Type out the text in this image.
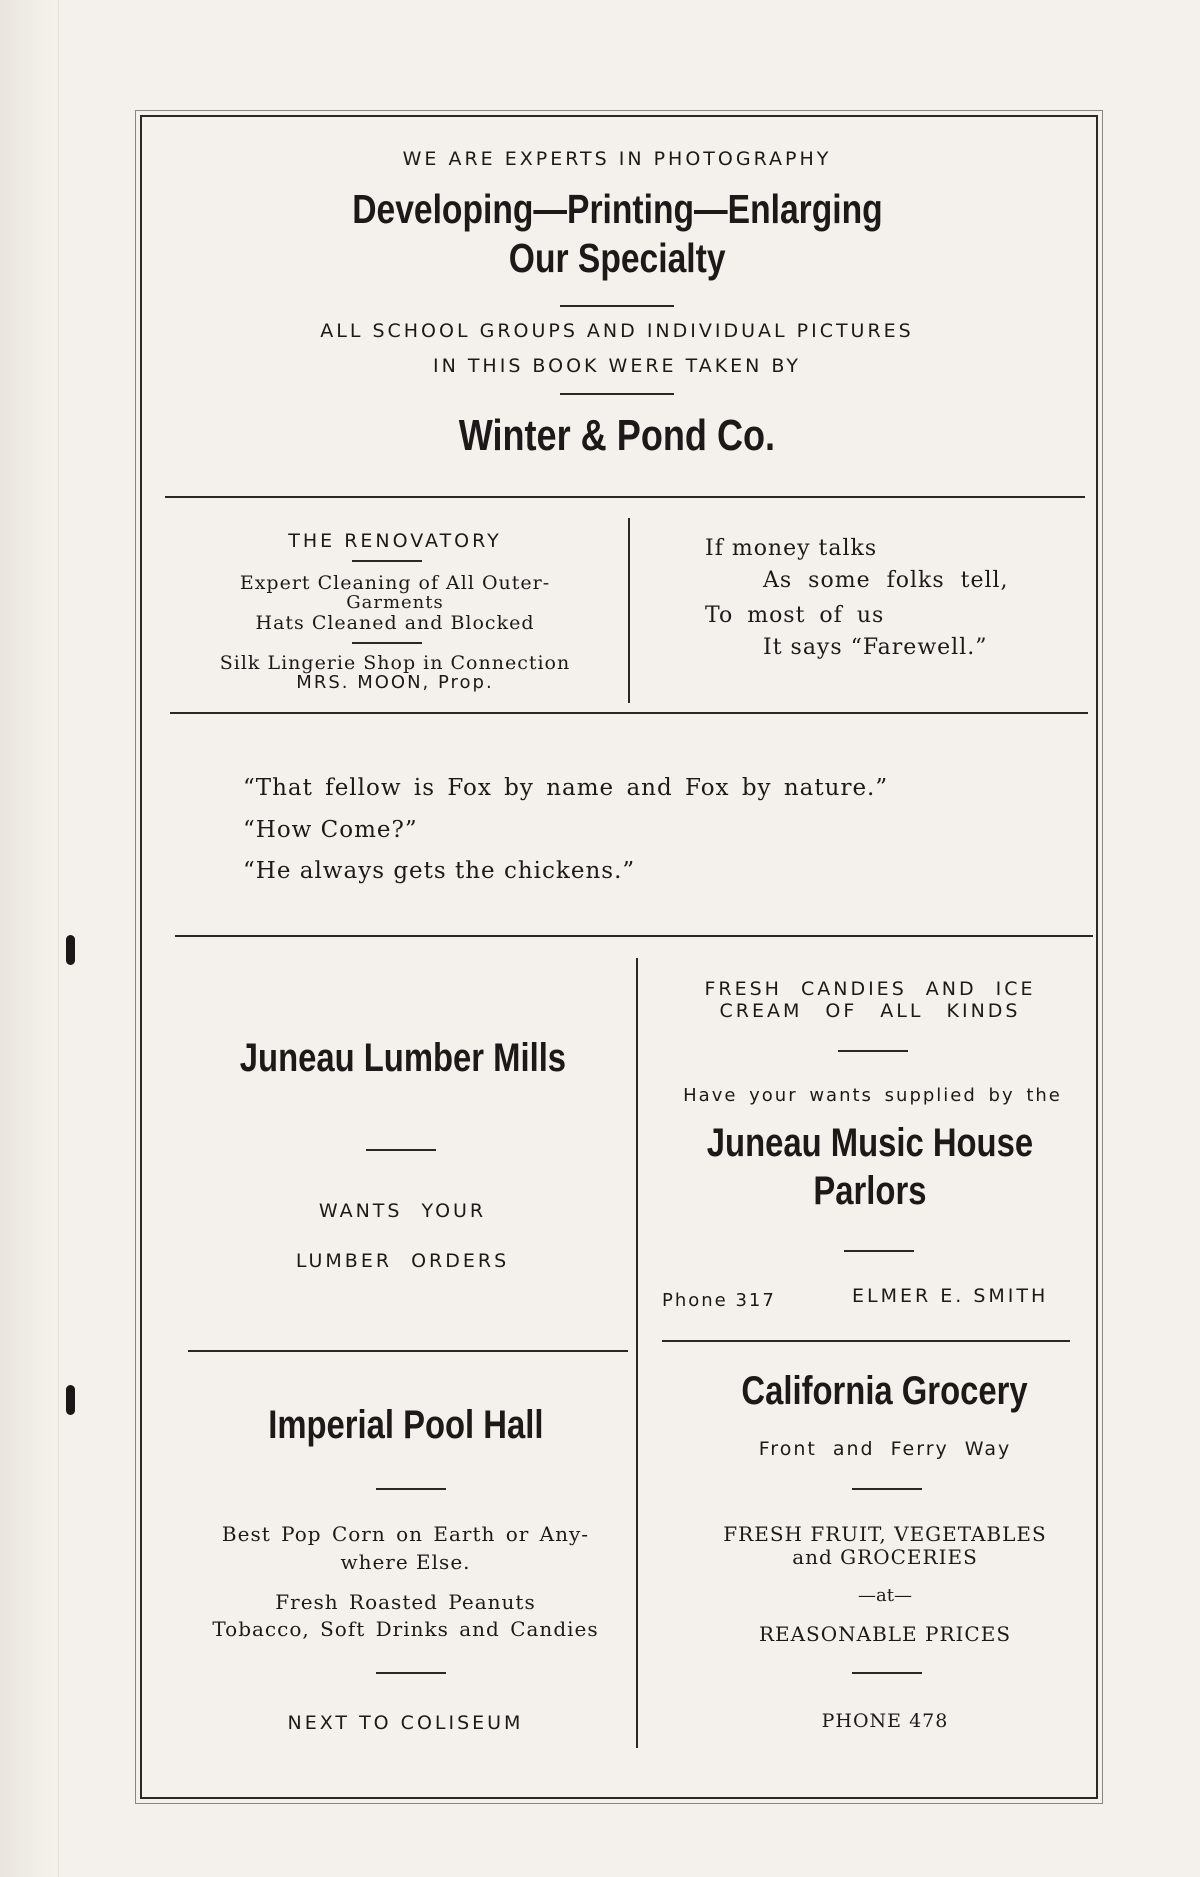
WE ARE EXPERTS IN PHOTOGRAPHY
Developing—Printing—Enlarging
Our Specialty
ALL SCHOOL GROUPS AND INDIVIDUAL PICTURES
IN THIS BOOK WERE TAKEN BY
Winter & Pond Co.
THE RENOVATORY
Expert Cleaning of All Outer-
Garments
Hats Cleaned and Blocked
Silk Lingerie Shop in Connection
MRS. MOON, Prop.
If money talks
As some folks tell,
To most of us
It says “Farewell.”
“That fellow is Fox by name and Fox by nature.”
“How Come?”
“He always gets the chickens.”
Juneau Lumber Mills
WANTS YOUR
LUMBER ORDERS
FRESH CANDIES AND ICE
CREAM OF ALL KINDS
Have your wants supplied by the
Juneau Music House
Parlors
Phone 317	ELMER E. SMITH
Imperial Pool Hall
Best Pop Corn on Earth or Any-
where Else.
Fresh Roasted Peanuts
Tobacco, Soft Drinks and Candies
NEXT TO COLISEUM
California Grocery
Front and Ferry Way
FRESH FRUIT, VEGETABLES
and GROCERIES
—at—
REASONABLE PRICES
PHONE 478
